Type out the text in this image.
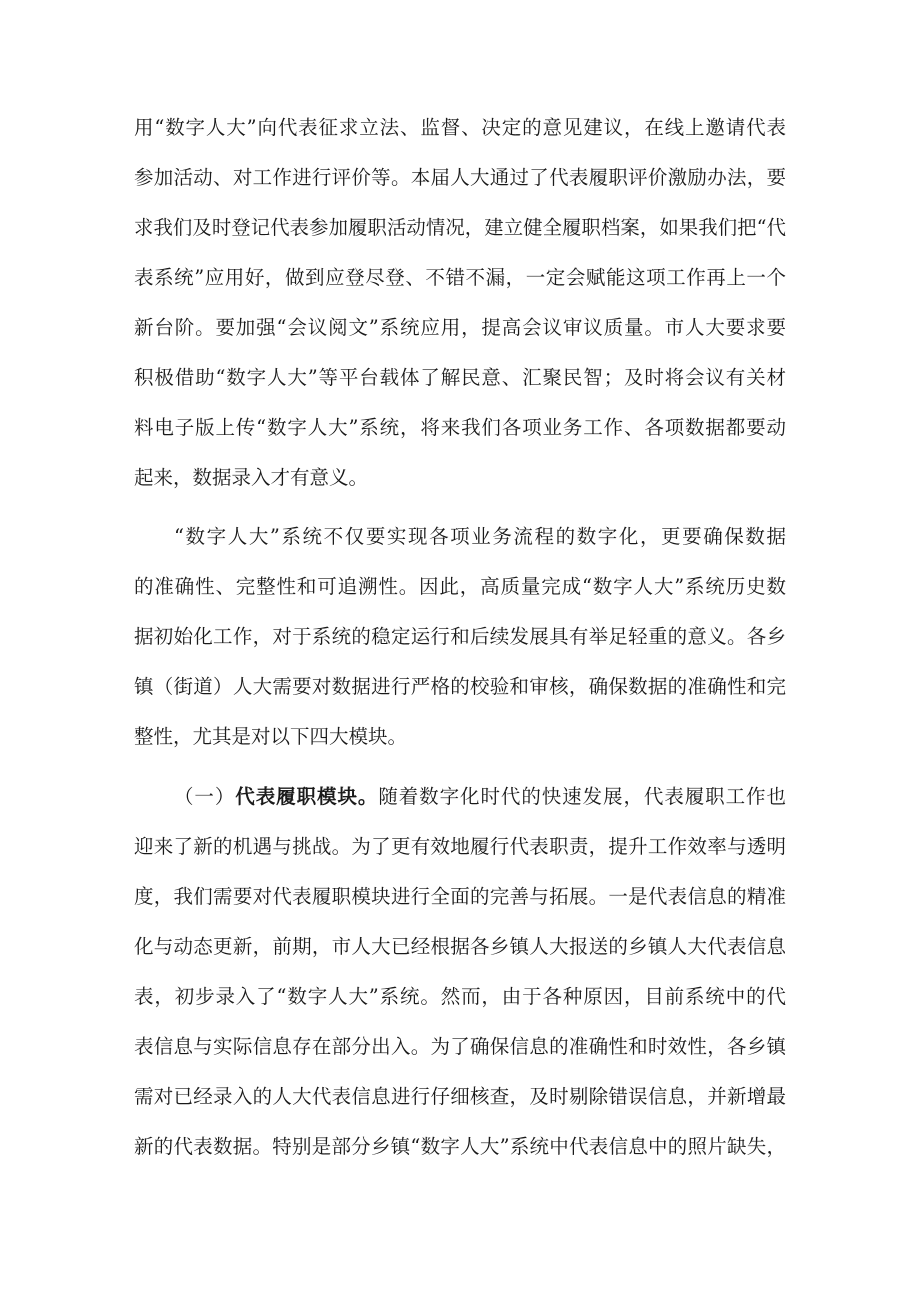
用“数字人大”向代表征求立法、监督、决定的意见建议，在线上邀请代表
参加活动、对工作进行评价等。本届人大通过了代表履职评价激励办法，要
求我们及时登记代表参加履职活动情况，建立健全履职档案，如果我们把“代
表系统”应用好，做到应登尽登、不错不漏，一定会赋能这项工作再上一个
新台阶。要加强“会议阅文”系统应用，提高会议审议质量。市人大要求要
积极借助“数字人大”等平台载体了解民意、汇聚民智；及时将会议有关材
料电子版上传“数字人大”系统，将来我们各项业务工作、各项数据都要动
起来，数据录入才有意义。
“数字人大”系统不仅要实现各项业务流程的数字化，更要确保数据
的准确性、完整性和可追溯性。因此，高质量完成“数字人大”系统历史数
据初始化工作，对于系统的稳定运行和后续发展具有举足轻重的意义。各乡
镇（街道）人大需要对数据进行严格的校验和审核，确保数据的准确性和完
整性，尤其是对以下四大模块。
（一）代表履职模块。随着数字化时代的快速发展，代表履职工作也
迎来了新的机遇与挑战。为了更有效地履行代表职责，提升工作效率与透明
度，我们需要对代表履职模块进行全面的完善与拓展。一是代表信息的精准
化与动态更新，前期，市人大已经根据各乡镇人大报送的乡镇人大代表信息
表，初步录入了“数字人大”系统。然而，由于各种原因，目前系统中的代
表信息与实际信息存在部分出入。为了确保信息的准确性和时效性，各乡镇
需对已经录入的人大代表信息进行仔细核查，及时剔除错误信息，并新增最
新的代表数据。特别是部分乡镇“数字人大”系统中代表信息中的照片缺失，
